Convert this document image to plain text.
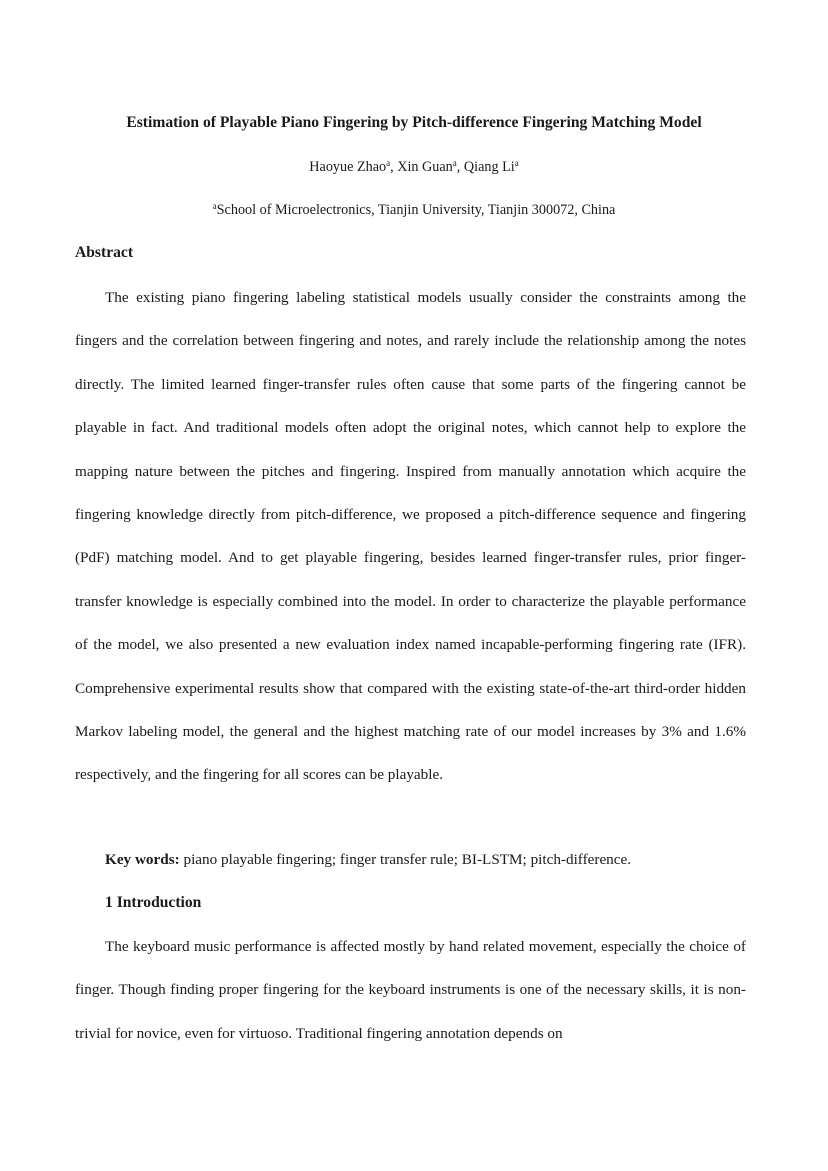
Estimation of Playable Piano Fingering by Pitch-difference Fingering Matching Model
Haoyue Zhao$^a$, Xin Guan$^a$, Qiang Li$^a$
$^a$School of Microelectronics, Tianjin University, Tianjin 300072, China
Abstract

The existing piano fingering labeling statistical models usually consider the constraints among the fingers and the correlation between fingering and notes, and rarely include the relationship among the notes directly. The limited learned finger-transfer rules often cause that some parts of the fingering cannot be playable in fact. And traditional models often adopt the original notes, which cannot help to explore the mapping nature between the pitches and fingering. Inspired from manually annotation which acquire the fingering knowledge directly from pitch-difference, we proposed a pitch-difference sequence and fingering (PdF) matching model. And to get playable fingering, besides learned finger-transfer rules, prior finger-transfer knowledge is especially combined into the model. In order to characterize the playable performance of the model, we also presented a new evaluation index named incapable-performing fingering rate (IFR). Comprehensive experimental results show that compared with the existing state-of-the-art third-order hidden Markov labeling model, the general and the highest matching rate of our model increases by 3% and 1.6% respectively, and the fingering for all scores can be playable.

Key words: piano playable fingering; finger transfer rule; BI-LSTM; pitch-difference.
1 Introduction

The keyboard music performance is affected mostly by hand related movement, especially the choice of finger. Though finding proper fingering for the keyboard instruments is one of the necessary skills, it is non-trivial for novice, even for virtuoso. Traditional fingering annotation depends on
